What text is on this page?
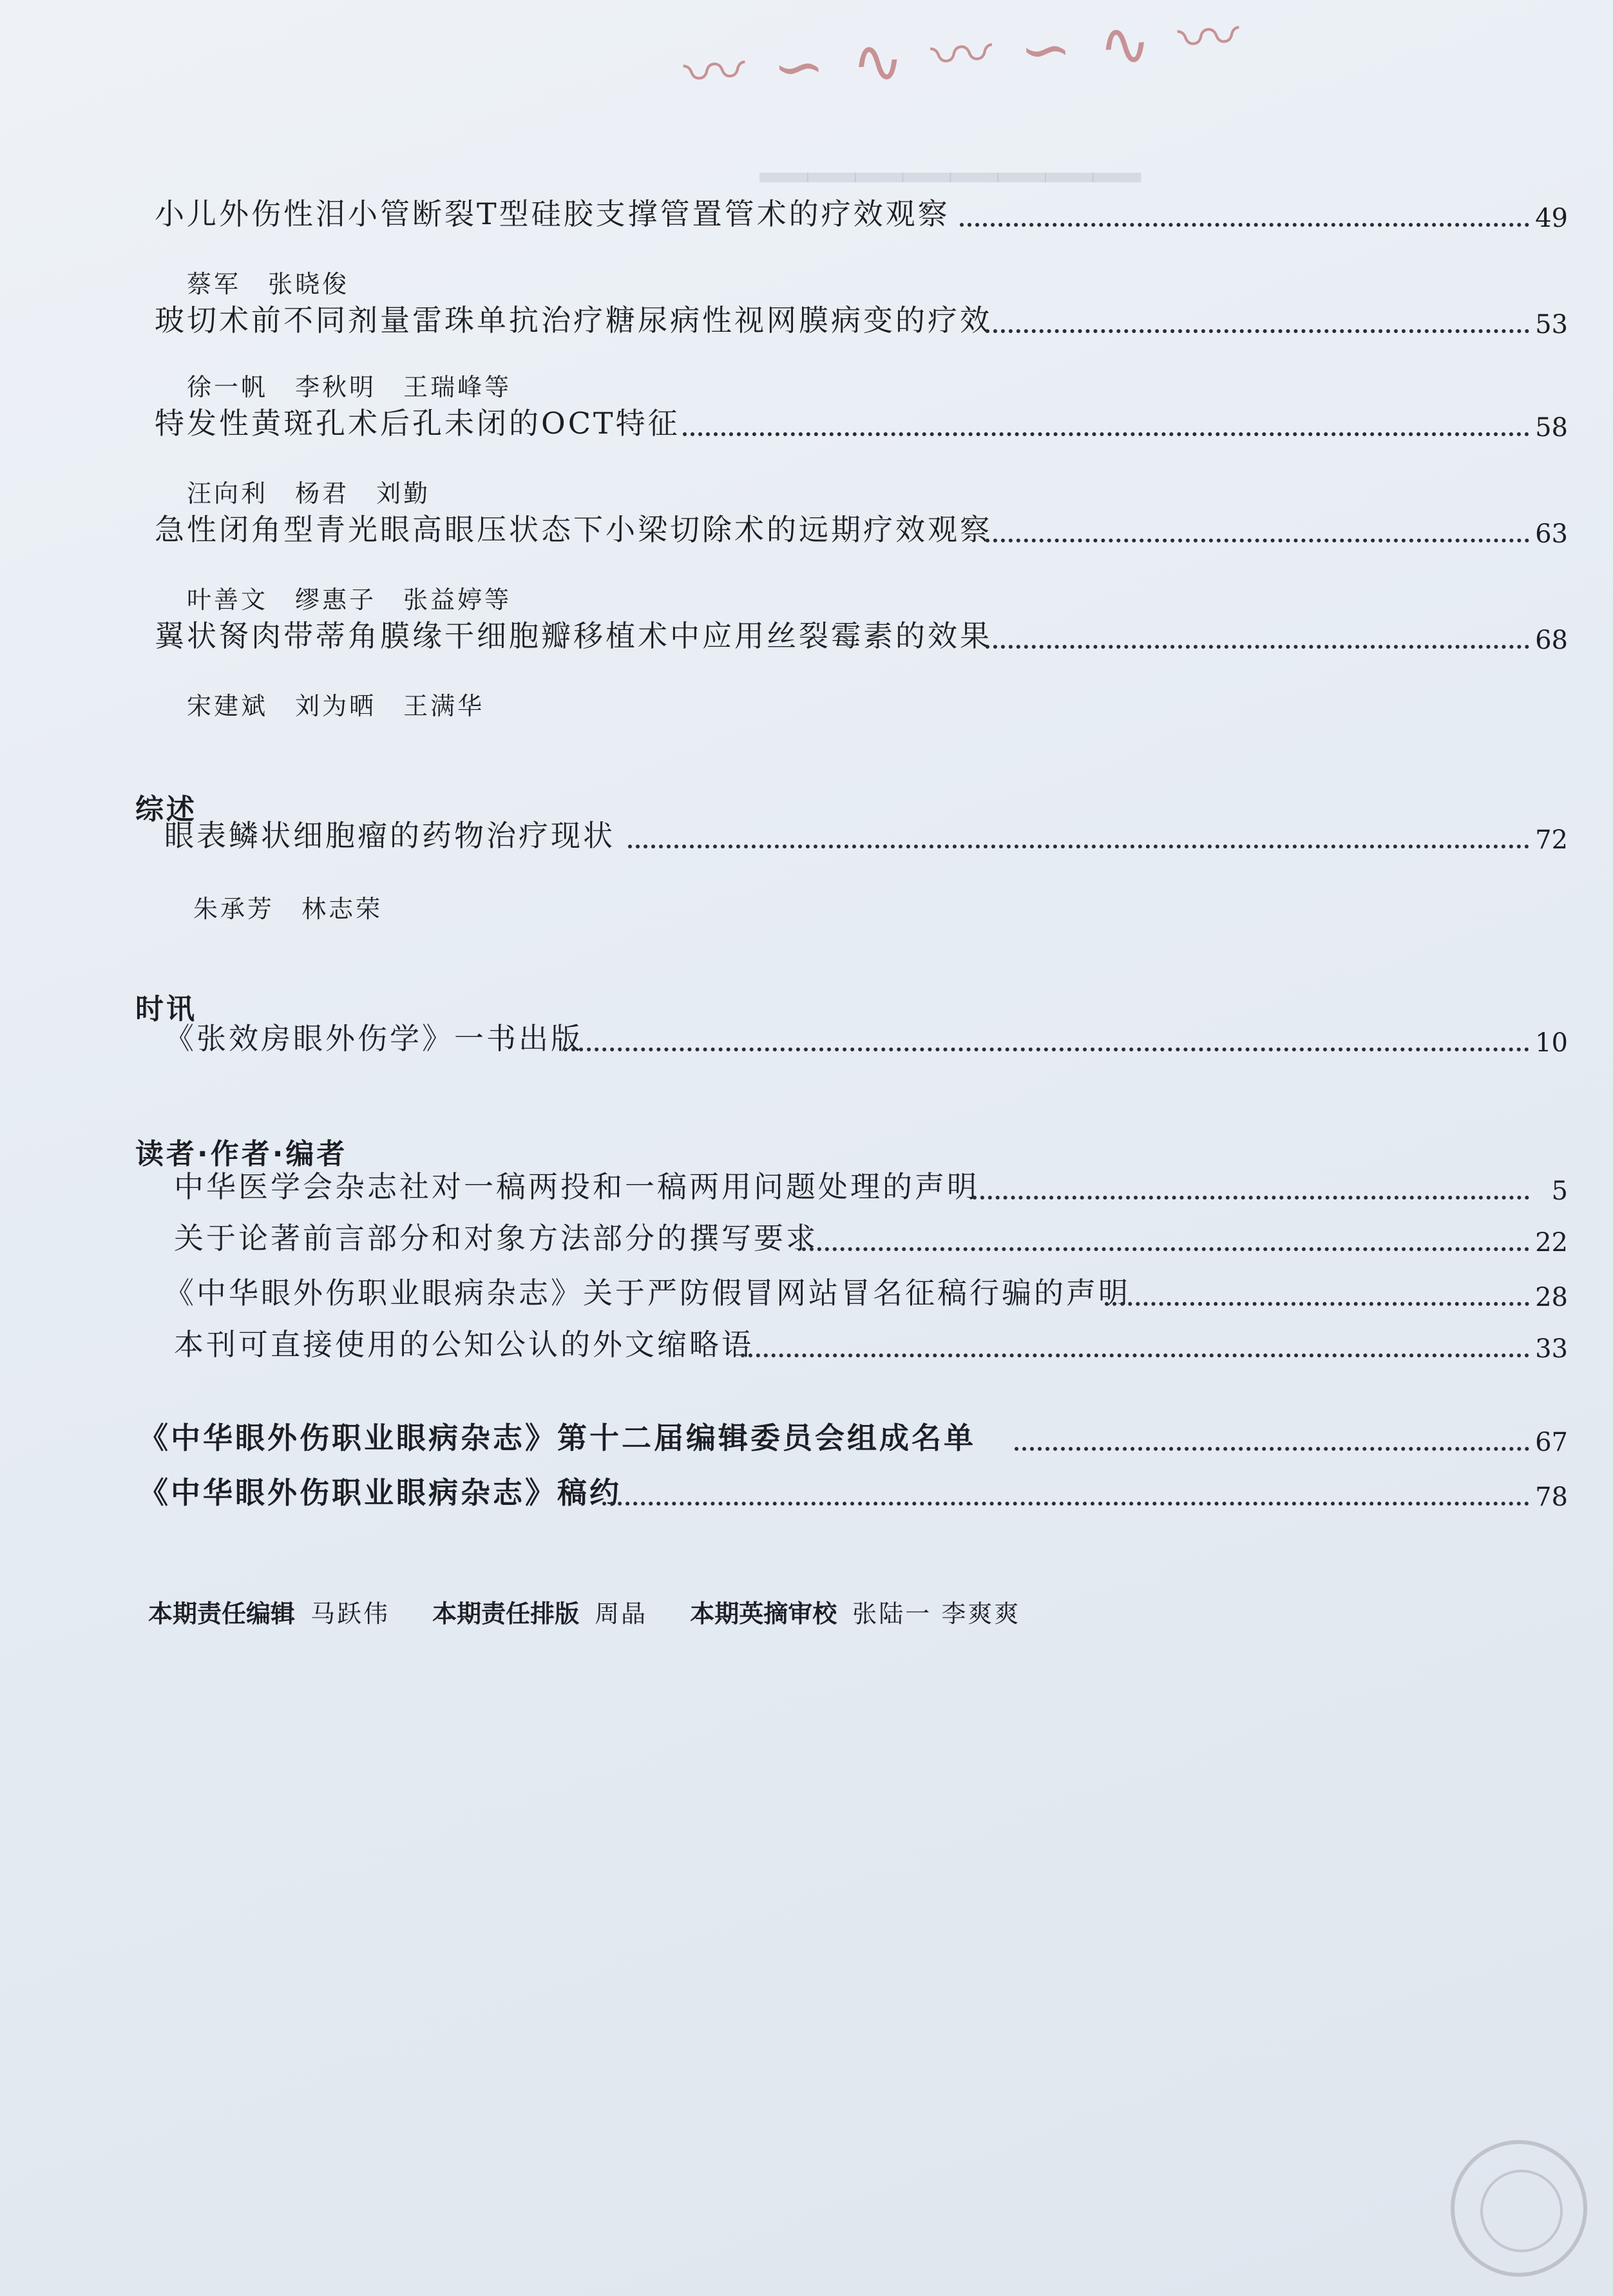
▁▁▁▁▁▁▁▁
〰 ∽ ∿ 〰 ∽ ∿ 〰
小儿外伤性泪小管断裂T型硅胶支撑管置管术的疗效观察	49
蔡军 张晓俊
玻切术前不同剂量雷珠单抗治疗糖尿病性视网膜病变的疗效	53
徐一帆 李秋明 王瑞峰等
特发性黄斑孔术后孔未闭的OCT特征	58
汪向利 杨君 刘勤
急性闭角型青光眼高眼压状态下小梁切除术的远期疗效观察	63
叶善文 缪惠子 张益婷等
翼状胬肉带蒂角膜缘干细胞瓣移植术中应用丝裂霉素的效果	68
宋建斌 刘为晒 王满华
综述
眼表鳞状细胞瘤的药物治疗现状	72
朱承芳 林志荣
时讯
《张效房眼外伤学》一书出版	10
读者·作者·编者
中华医学会杂志社对一稿两投和一稿两用问题处理的声明	5
关于论著前言部分和对象方法部分的撰写要求	22
《中华眼外伤职业眼病杂志》关于严防假冒网站冒名征稿行骗的声明	28
本刊可直接使用的公知公认的外文缩略语	33
《中华眼外伤职业眼病杂志》第十二届编辑委员会组成名单	67
《中华眼外伤职业眼病杂志》稿约	78
本期责任编辑 马跃伟 本期责任排版 周晶 本期英摘审校 张陆一 李爽爽
